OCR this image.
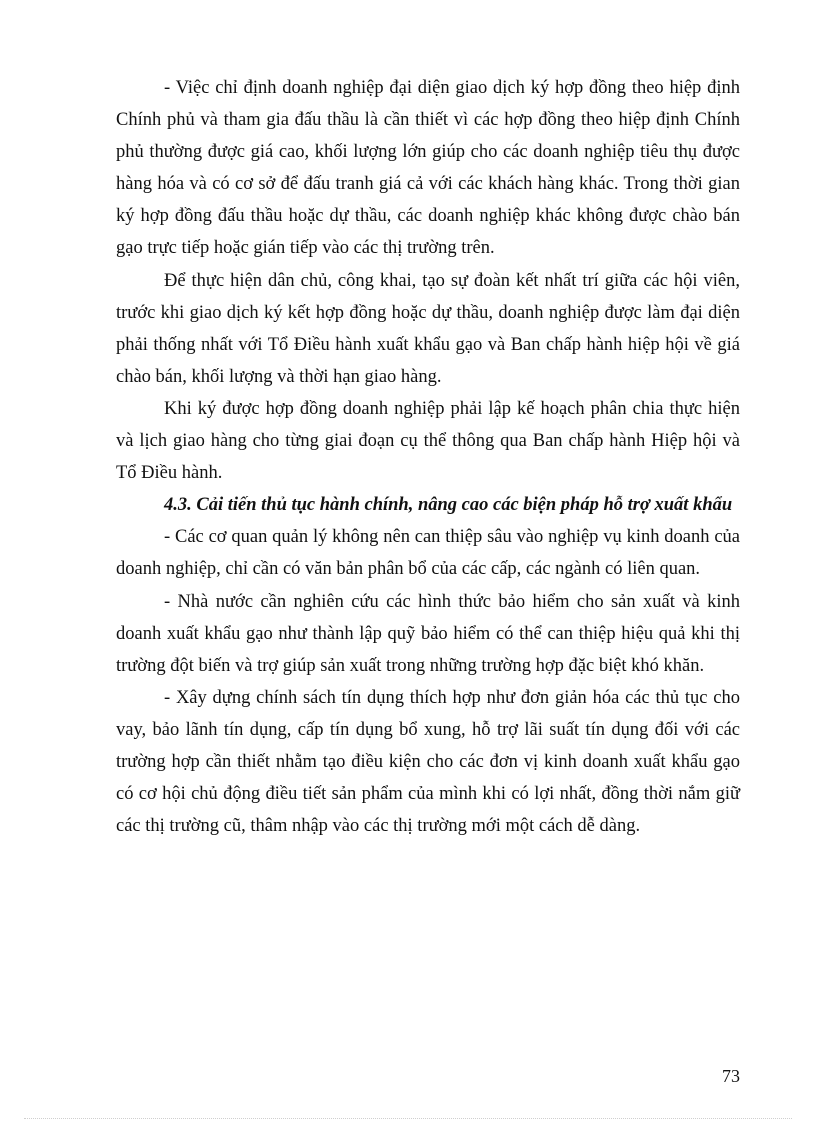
- Việc chỉ định doanh nghiệp đại diện giao dịch ký hợp đồng theo hiệp định Chính phủ và tham gia đấu thầu là cần thiết vì các hợp đồng theo hiệp định Chính phủ thường được giá cao, khối lượng lớn giúp cho các doanh nghiệp tiêu thụ được hàng hóa và có cơ sở để đấu tranh giá cả với các khách hàng khác. Trong thời gian ký hợp đồng đấu thầu hoặc dự thầu, các doanh nghiệp khác không được chào bán gạo trực tiếp hoặc gián tiếp vào các thị trường trên.

Để thực hiện dân chủ, công khai, tạo sự đoàn kết nhất trí giữa các hội viên, trước khi giao dịch ký kết hợp đồng hoặc dự thầu, doanh nghiệp được làm đại diện phải thống nhất với Tổ Điều hành xuất khẩu gạo và Ban chấp hành hiệp hội về giá chào bán, khối lượng và thời hạn giao hàng.

Khi ký được hợp đồng doanh nghiệp phải lập kế hoạch phân chia thực hiện và lịch giao hàng cho từng giai đoạn cụ thể thông qua Ban chấp hành Hiệp hội và Tổ Điều hành.

4.3. Cải tiến thủ tục hành chính, nâng cao các biện pháp hỗ trợ xuất khẩu

- Các cơ quan quản lý không nên can thiệp sâu vào nghiệp vụ kinh doanh của doanh nghiệp, chỉ cần có văn bản phân bổ của các cấp, các ngành có liên quan.

- Nhà nước cần nghiên cứu các hình thức bảo hiểm cho sản xuất và kinh doanh xuất khẩu gạo như thành lập quỹ bảo hiểm có thể can thiệp hiệu quả khi thị trường đột biến và trợ giúp sản xuất trong những trường hợp đặc biệt khó khăn.

- Xây dựng chính sách tín dụng thích hợp như đơn giản hóa các thủ tục cho vay, bảo lãnh tín dụng, cấp tín dụng bổ xung, hỗ trợ lãi suất tín dụng đối với các trường hợp cần thiết nhằm tạo điều kiện cho các đơn vị kinh doanh xuất khẩu gạo có cơ hội chủ động điều tiết sản phẩm của mình khi có lợi nhất, đồng thời nắm giữ các thị trường cũ, thâm nhập vào các thị trường mới một cách dễ dàng.

73
